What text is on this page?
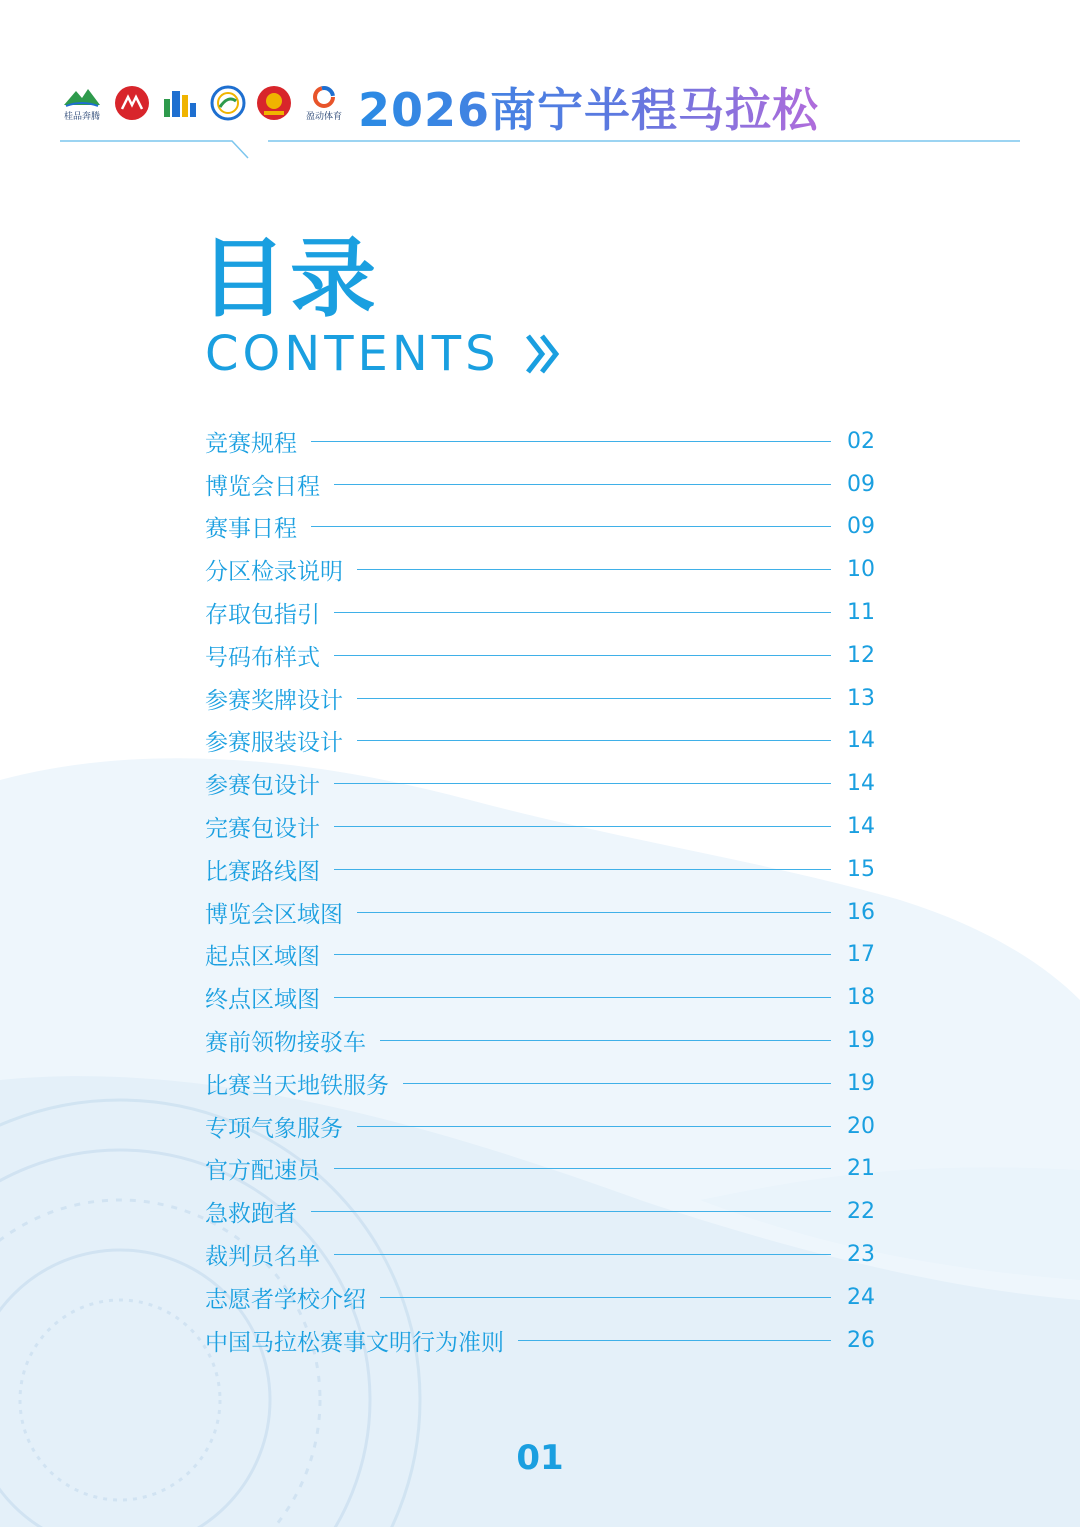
桂品奔腾	盈动体育 2026南宁半程马拉松
目录
CONTENTS
竞赛规程	02
博览会日程	09
赛事日程	09
分区检录说明	10
存取包指引	11
号码布样式	12
参赛奖牌设计	13
参赛服装设计	14
参赛包设计	14
完赛包设计	14
比赛路线图	15
博览会区域图	16
起点区域图	17
终点区域图	18
赛前领物接驳车	19
比赛当天地铁服务	19
专项气象服务	20
官方配速员	21
急救跑者	22
裁判员名单	23
志愿者学校介绍	24
中国马拉松赛事文明行为准则	26
01
